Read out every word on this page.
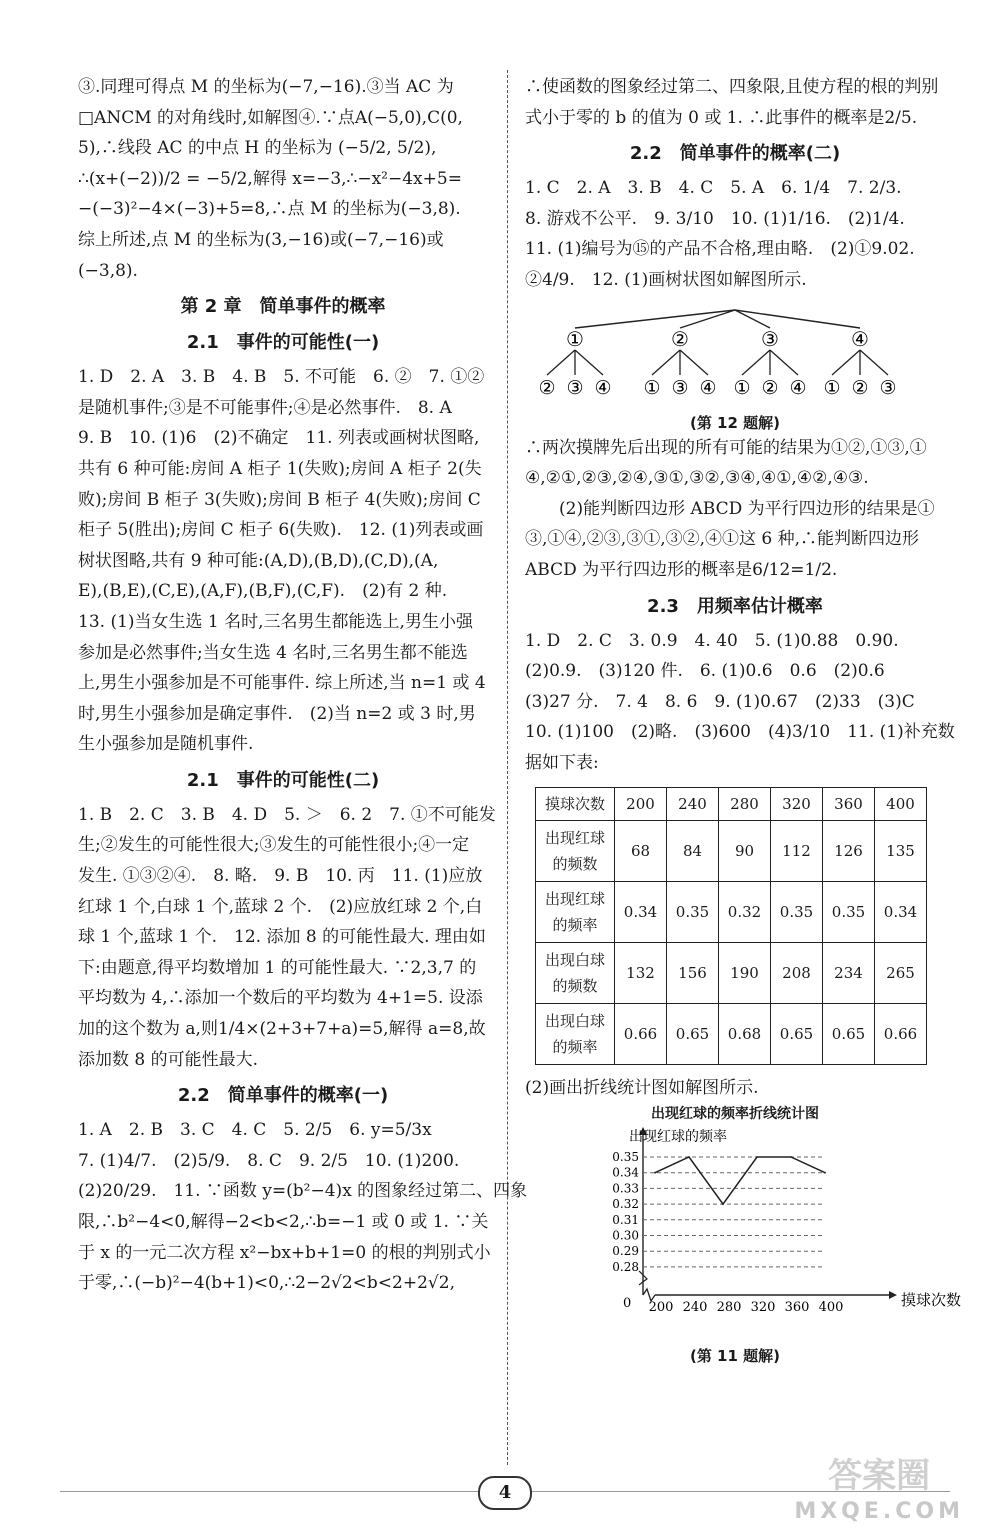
③.同理可得点 M 的坐标为(−7,−16).③当 AC 为
□ANCM 的对角线时,如解图④.∵点A(−5,0),C(0,
5),∴线段 AC 的中点 H 的坐标为 (−5/2, 5/2),
∴(x+(−2))/2 = −5/2,解得 x=−3,∴−x²−4x+5=
−(−3)²−4×(−3)+5=8,∴点 M 的坐标为(−3,8).
综上所述,点 M 的坐标为(3,−16)或(−7,−16)或
(−3,8).
第 2 章　简单事件的概率
2.1　事件的可能性(一)
1. D　2. A　3. B　4. B　5. 不可能　6. ②　7. ①②
是随机事件;③是不可能事件;④是必然事件.　8. A
9. B　10. (1)6　(2)不确定　11. 列表或画树状图略,
共有 6 种可能:房间 A 柜子 1(失败);房间 A 柜子 2(失
败);房间 B 柜子 3(失败);房间 B 柜子 4(失败);房间 C
柜子 5(胜出);房间 C 柜子 6(失败).　12. (1)列表或画
树状图略,共有 9 种可能:(A,D),(B,D),(C,D),(A,
E),(B,E),(C,E),(A,F),(B,F),(C,F).　(2)有 2 种.
13. (1)当女生选 1 名时,三名男生都能选上,男生小强
参加是必然事件;当女生选 4 名时,三名男生都不能选
上,男生小强参加是不可能事件. 综上所述,当 n=1 或 4
时,男生小强参加是确定事件.　(2)当 n=2 或 3 时,男
生小强参加是随机事件.
2.1　事件的可能性(二)
1. B　2. C　3. B　4. D　5. ＞　6. 2　7. ①不可能发
生;②发生的可能性很大;③发生的可能性很小;④一定
发生. ①③②④.　8. 略.　9. B　10. 丙　11. (1)应放
红球 1 个,白球 1 个,蓝球 2 个.　(2)应放红球 2 个,白
球 1 个,蓝球 1 个.　12. 添加 8 的可能性最大. 理由如
下:由题意,得平均数增加 1 的可能性最大. ∵2,3,7 的
平均数为 4,∴添加一个数后的平均数为 4+1=5. 设添
加的这个数为 a,则1/4×(2+3+7+a)=5,解得 a=8,故
添加数 8 的可能性最大.
2.2　简单事件的概率(一)
1. A　2. B　3. C　4. C　5. 2/5　6. y=5/3x
7. (1)4/7.　(2)5/9.　8. C　9. 2/5　10. (1)200.
(2)20/29.　11. ∵函数 y=(b²−4)x 的图象经过第二、四象
限,∴b²−4<0,解得−2<b<2,∴b=−1 或 0 或 1. ∵关
于 x 的一元二次方程 x²−bx+b+1=0 的根的判别式小
于零,∴(−b)²−4(b+1)<0,∴2−2√2<b<2+2√2,
∴使函数的图象经过第二、四象限,且使方程的根的判别
式小于零的 b 的值为 0 或 1. ∴此事件的概率是2/5.
2.2　简单事件的概率(二)
1. C　2. A　3. B　4. C　5. A　6. 1/4　7. 2/3.
8. 游戏不公平.　9. 3/10　10. (1)1/16.　(2)1/4.
11. (1)编号为⑮的产品不合格,理由略.　(2)①9.02.
②4/9.　12. (1)画树状图如解图所示.
①
② ③ ④
②
① ③ ④
③
① ② ④
④
① ② ③
(第 12 题解)
∴两次摸牌先后出现的所有可能的结果为①②,①③,①
④,②①,②③,②④,③①,③②,③④,④①,④②,④③.
(2)能判断四边形 ABCD 为平行四边形的结果是①
③,①④,②③,③①,③②,④①这 6 种,∴能判断四边形
ABCD 为平行四边形的概率是6/12=1/2.
2.3　用频率估计概率
1. D　2. C　3. 0.9　4. 40　5. (1)0.88　0.90.
(2)0.9.　(3)120 件.　6. (1)0.6　0.6　(2)0.6
(3)27 分.　7. 4　8. 6　9. (1)0.67　(2)33　(3)C
10. (1)100　(2)略.　(3)600　(4)3/10　11. (1)补充数
据如下表:
摸球次数	200	240	280	320	360	400

出现红球
的频数	68	84	90	112	126	135

出现红球
的频率	0.34	0.35	0.32	0.35	0.35	0.34

出现白球
的频数	132	156	190	208	234	265

出现白球
的频率	0.66	0.65	0.68	0.65	0.65	0.66
(2)画出折线统计图如解图所示.
出现红球的频率折线统计图
出现红球的频率
摸球次数
0
0.35
0.34
0.33
0.32
0.31
0.30
0.29
0.28
200 240 280 320 360 400
(第 11 题解)
4	答案圈
MXQE.COM
